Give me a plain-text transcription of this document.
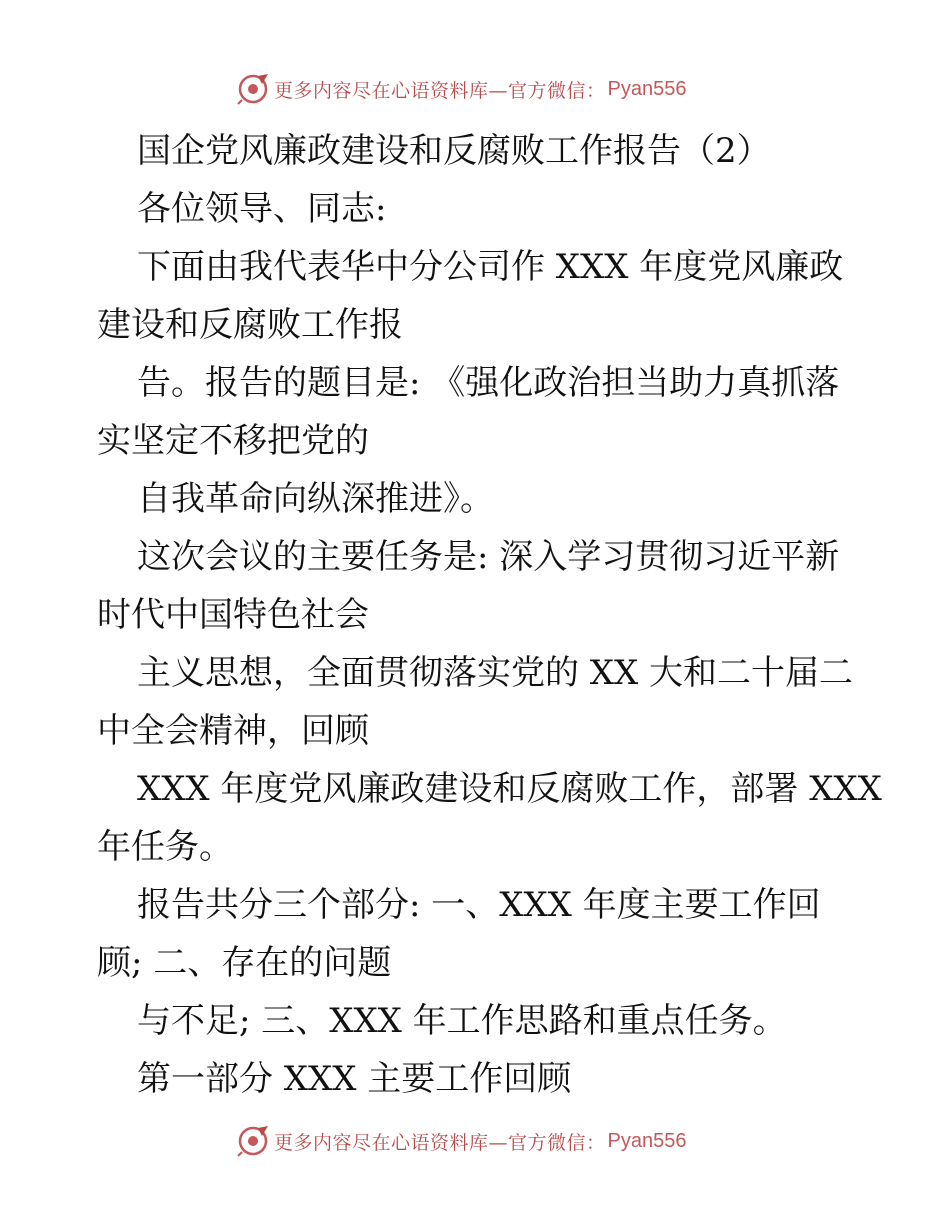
更多内容尽在心语资料库—官方微信： Pyan556
国企党风廉政建设和反腐败工作报告（2）
各位领导、同志:
下面由我代表华中分公司作 XXX 年度党风廉政
建设和反腐败工作报
告。报告的题目是: 《强化政治担当助力真抓落
实坚定不移把党的
自我革命向纵深推进》。
这次会议的主要任务是: 深入学习贯彻习近平新
时代中国特色社会
主义思想，全面贯彻落实党的 XX 大和二十届二
中全会精神，回顾
XXX 年度党风廉政建设和反腐败工作，部署 XXX
年任务。
报告共分三个部分: 一、XXX 年度主要工作回
顾; 二、存在的问题
与不足; 三、XXX 年工作思路和重点任务。
第一部分 XXX 主要工作回顾
更多内容尽在心语资料库—官方微信： Pyan556
